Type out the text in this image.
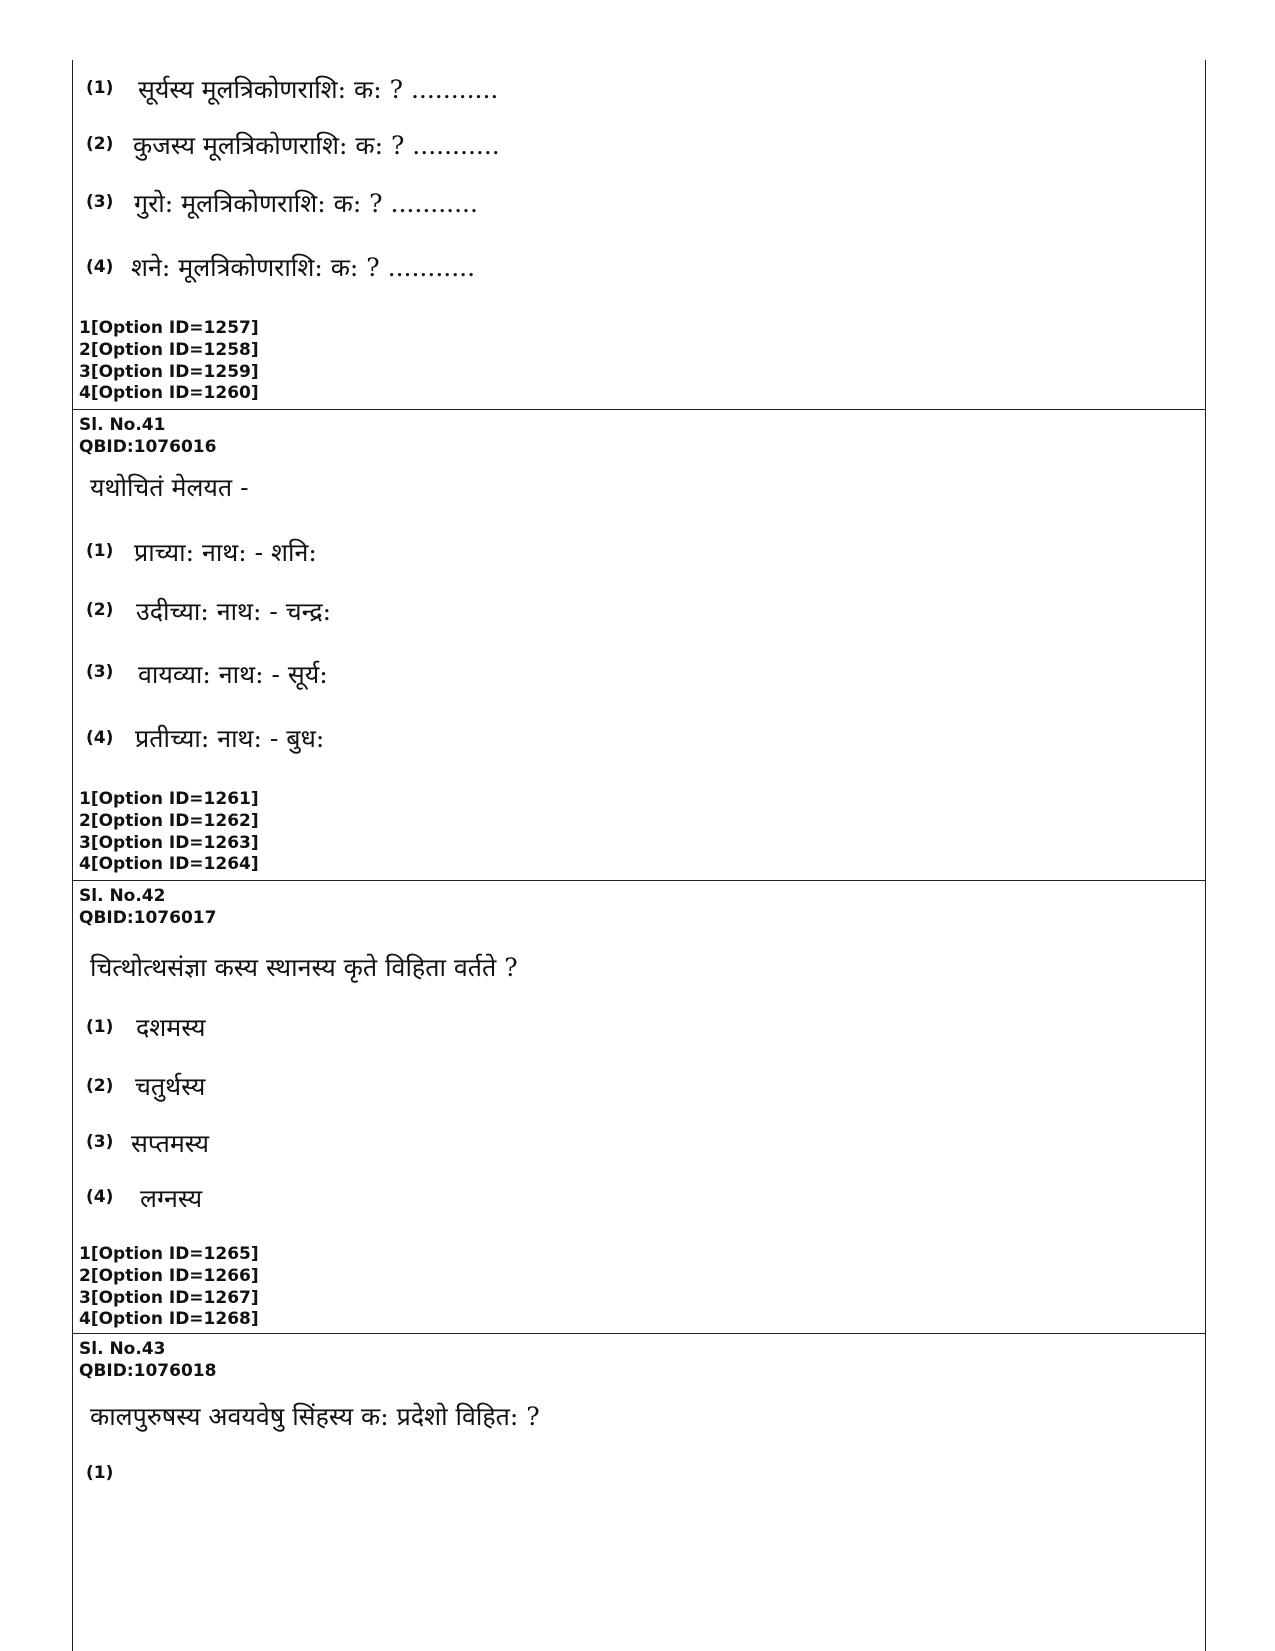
(1) सूर्यस्य मूलत्रिकोणराशि: क: ? ...........
(2) कुजस्य मूलत्रिकोणराशि: क: ? ...........
(3) गुरो: मूलत्रिकोणराशि: क: ? ...........
(4) शने: मूलत्रिकोणराशि: क: ? ...........
1[Option ID=1257]
2[Option ID=1258]
3[Option ID=1259]
4[Option ID=1260]
Sl. No.41
QBID:1076016
यथोचितं मेलयत -
(1) प्राच्या: नाथ: - शनि:
(2) उदीच्या: नाथ: - चन्द्र:
(3) वायव्या: नाथ: - सूर्य:
(4) प्रतीच्या: नाथ: - बुध:
1[Option ID=1261]
2[Option ID=1262]
3[Option ID=1263]
4[Option ID=1264]
Sl. No.42
QBID:1076017
चित्थोत्थसंज्ञा कस्य स्थानस्य कृते विहिता वर्तते ?
(1) दशमस्य
(2) चतुर्थस्य
(3) सप्तमस्य
(4) लग्नस्य
1[Option ID=1265]
2[Option ID=1266]
3[Option ID=1267]
4[Option ID=1268]
Sl. No.43
QBID:1076018
कालपुरुषस्य अवयवेषु सिंहस्य क: प्रदेशो विहित: ?
(1)
